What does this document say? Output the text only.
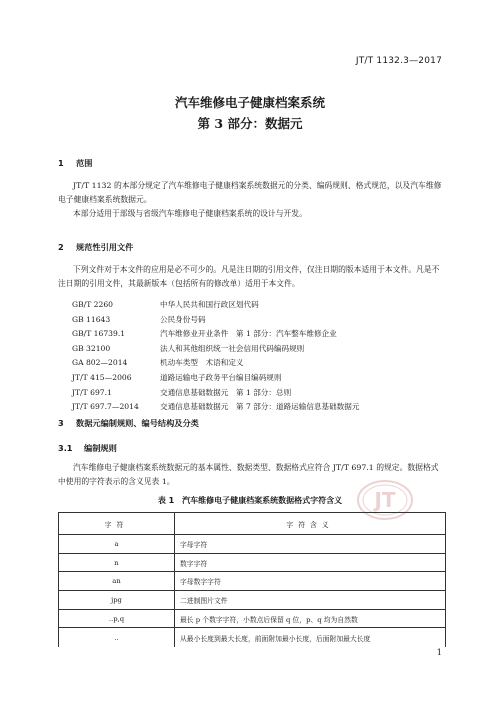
JT/T 1132.3—2017
汽车维修电子健康档案系统
第 3 部分：数据元
1 范围

JT/T 1132 的本部分规定了汽车维修电子健康档案系统数据元的分类、编码规则、格式规范，以及汽车维修电子健康档案系统数据元。

本部分适用于部级与省级汽车维修电子健康档案系统的设计与开发。

2 规范性引用文件

下列文件对于本文件的应用是必不可少的。凡是注日期的引用文件，仅注日期的版本适用于本文件。凡是不注日期的引用文件，其最新版本（包括所有的修改单）适用于本文件。

GB/T 2260	中华人民共和国行政区划代码
GB 11643	公民身份号码
GB/T 16739.1	汽车维修业开业条件　第 1 部分：汽车整车维修企业
GB 32100	法人和其他组织统一社会信用代码编码规则
GA 802—2014	机动车类型　术语和定义
JT/T 415—2006	道路运输电子政务平台编目编码规则
JT/T 697.1	交通信息基础数据元　第 1 部分：总则
JT/T 697.7—2014	交通信息基础数据元　第 7 部分：道路运输信息基础数据元
3 数据元编制规则、编号结构及分类
3.1 编制规则

汽车维修电子健康档案系统数据元的基本属性、数据类型、数据格式应符合 JT/T 697.1 的规定。数据格式中使用的字符表示的含义见表 1。

JT
表 1　汽车维修电子健康档案系统数据格式字符含义
字符	字符含义
a	字母字符
n	数字字符
an	字母数字字符
jpg	二进制图片文件
..p,q	最长 p 个数字字符，小数点后保留 q 位，p、q 均为自然数
..	从最小长度到最大长度，前面附加最小长度，后面附加最大长度
1
